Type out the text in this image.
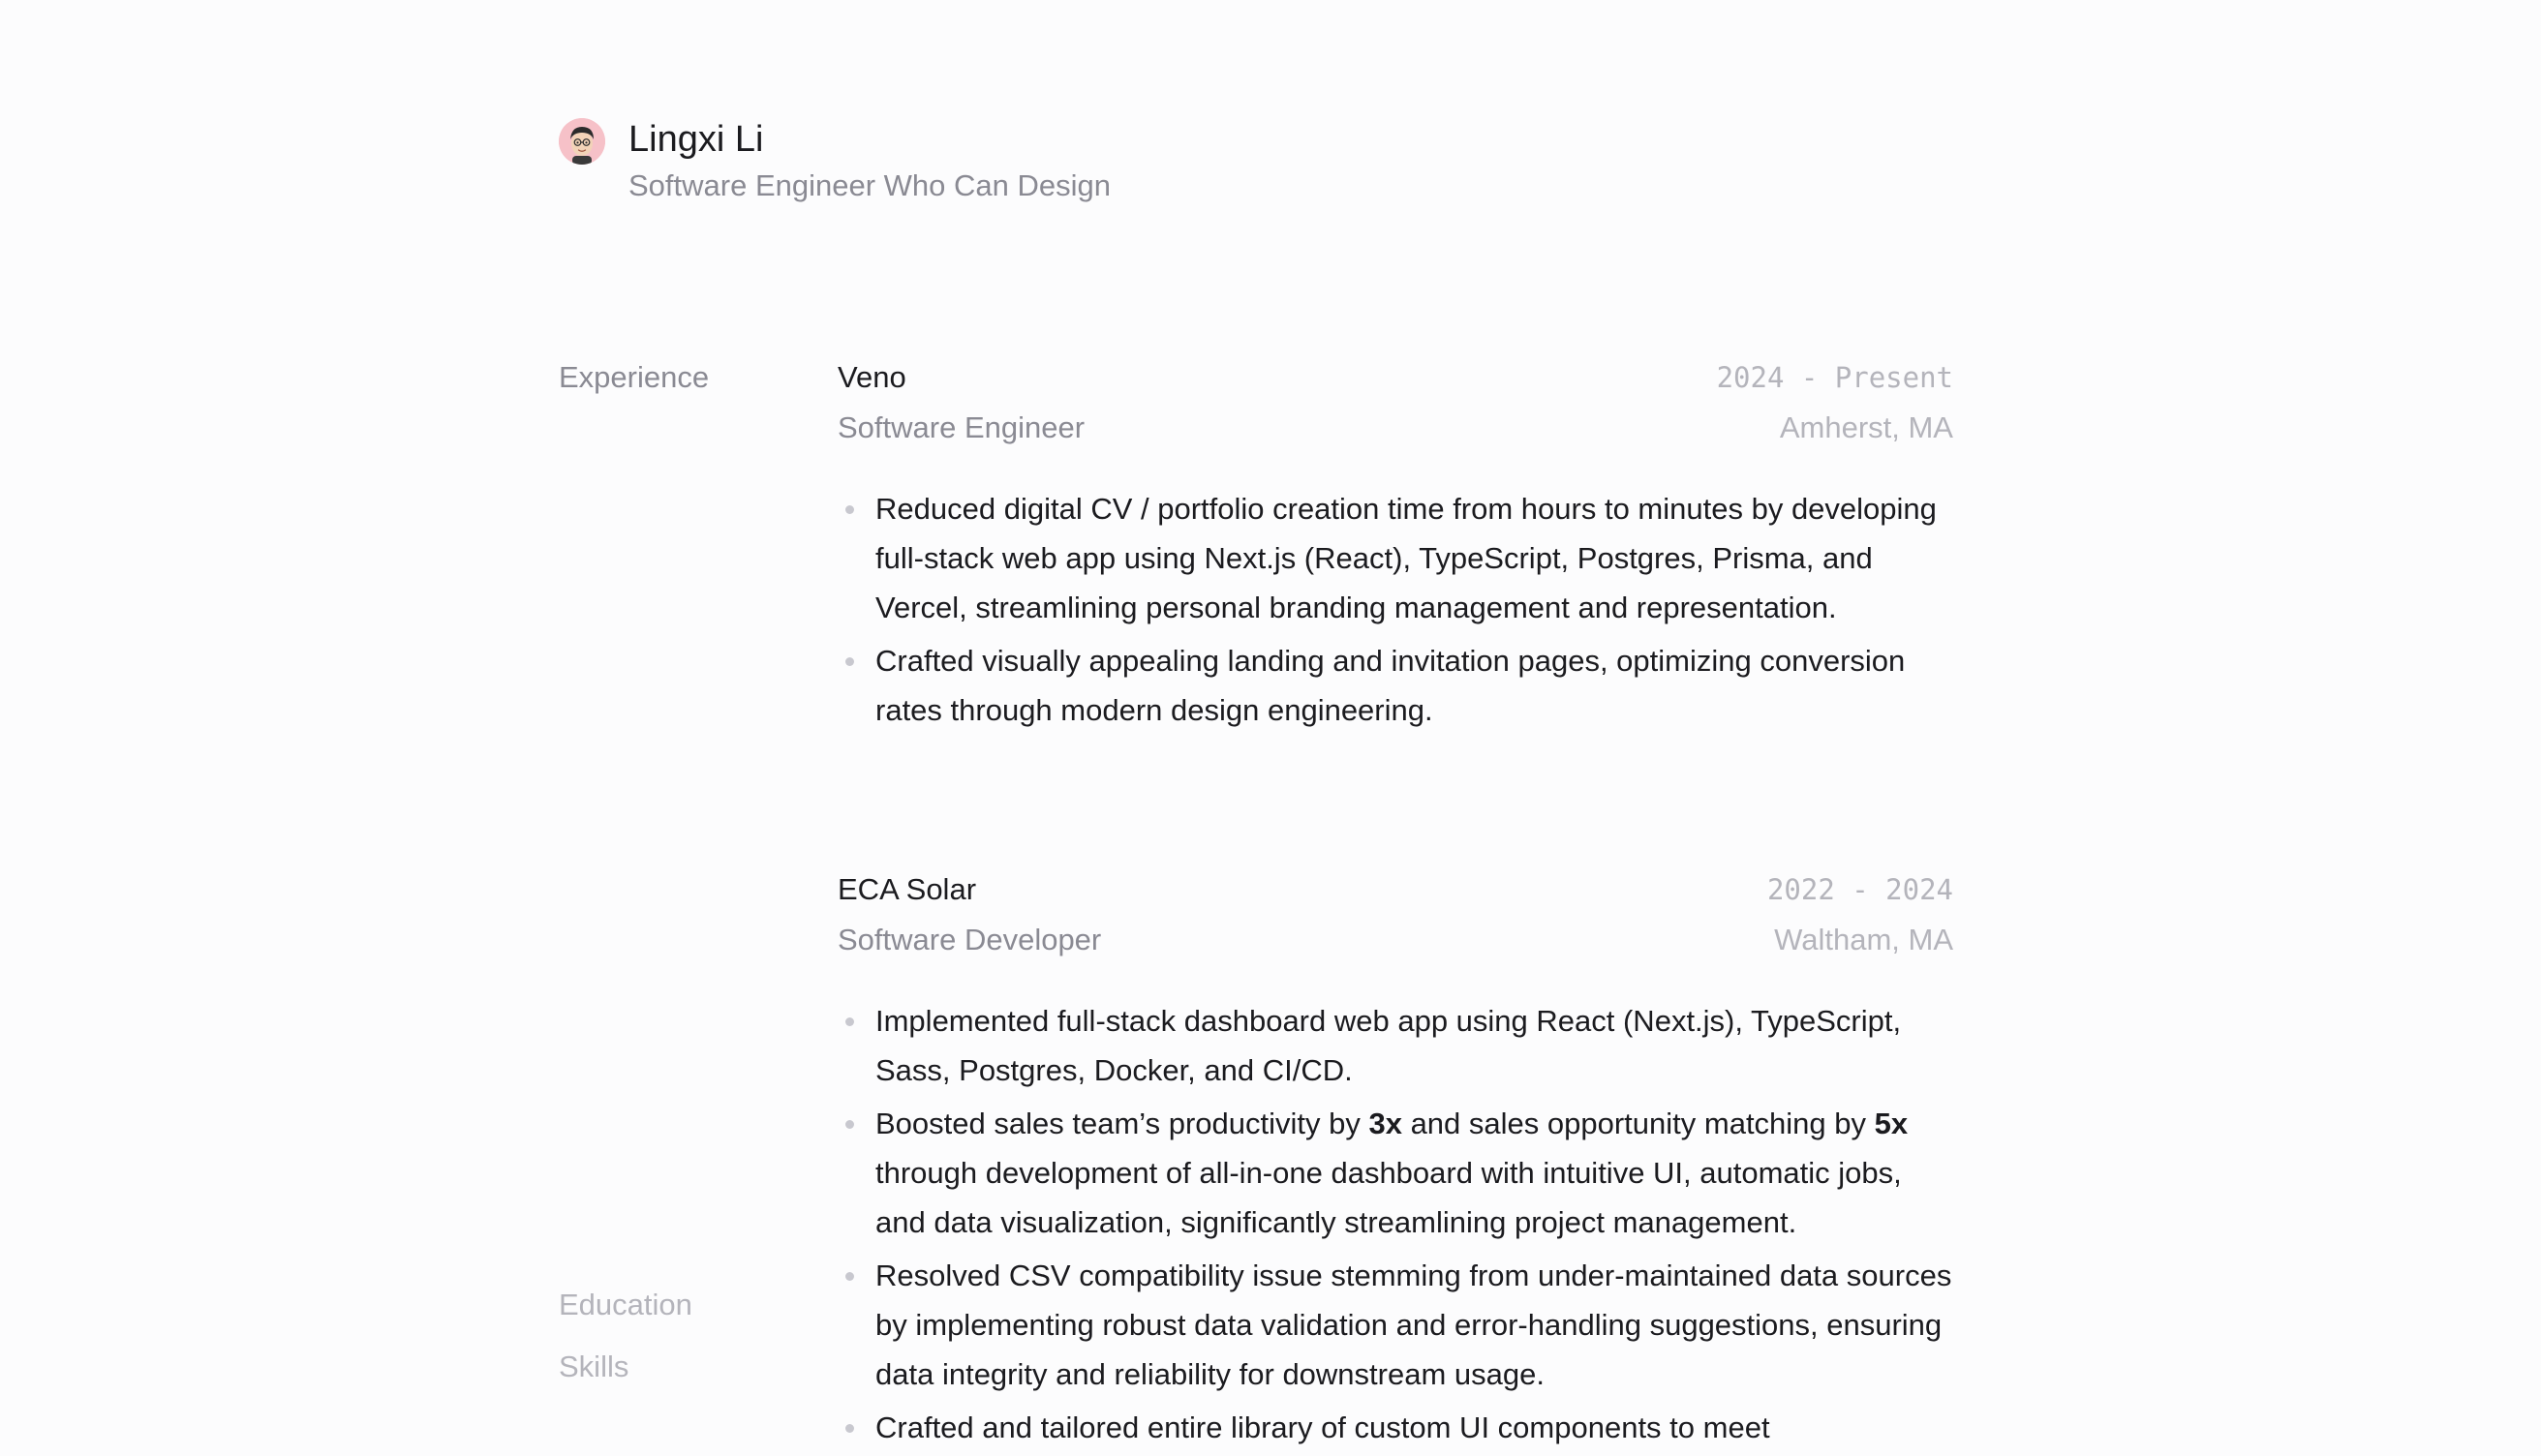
Lingxi Li
Software Engineer Who Can Design
Experience
Education
Skills
Veno	2024 - Present
Software Engineer	Amherst, MA
Reduced digital CV / portfolio creation time from hours to minutes by developing full-stack web app using Next.js (React), TypeScript, Postgres, Prisma, and Vercel, streamlining personal branding management and representation.
Crafted visually appealing landing and invitation pages, optimizing conversion rates through modern design engineering.
ECA Solar	2022 - 2024
Software Developer	Waltham, MA
Implemented full-stack dashboard web app using React (Next.js), TypeScript, Sass, Postgres, Docker, and CI/CD.
Boosted sales team’s productivity by 3x and sales opportunity matching by 5x through development of all-in-one dashboard with intuitive UI, automatic jobs, and data visualization, significantly streamlining project management.
Resolved CSV compatibility issue stemming from under-maintained data sources by implementing robust data validation and error-handling suggestions, ensuring data integrity and reliability for downstream usage.
Crafted and tailored entire library of custom UI components to meet
